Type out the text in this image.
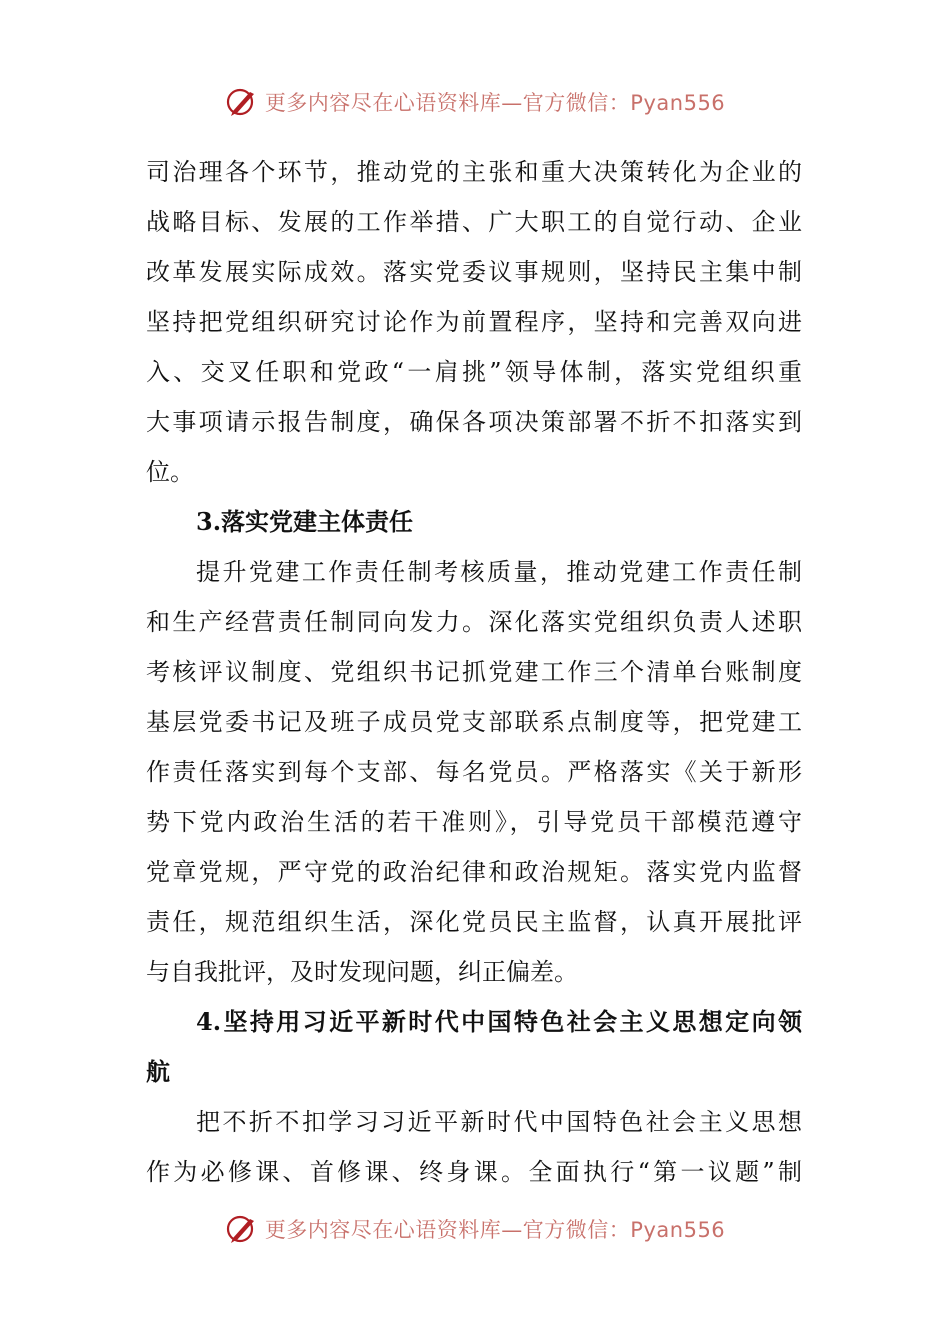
更多内容尽在心语资料库—官方微信：Pyan556
司治理各个环节，推动党的主张和重大决策转化为企业的
战略目标、发展的工作举措、广大职工的自觉行动、企业
改革发展实际成效。落实党委议事规则，坚持民主集中制
坚持把党组织研究讨论作为前置程序，坚持和完善双向进
入、交叉任职和党政“一肩挑”领导体制，落实党组织重
大事项请示报告制度，确保各项决策部署不折不扣落实到
位。
3.落实党建主体责任
提升党建工作责任制考核质量，推动党建工作责任制
和生产经营责任制同向发力。深化落实党组织负责人述职
考核评议制度、党组织书记抓党建工作三个清单台账制度
基层党委书记及班子成员党支部联系点制度等，把党建工
作责任落实到每个支部、每名党员。严格落实《关于新形
势下党内政治生活的若干准则》，引导党员干部模范遵守
党章党规，严守党的政治纪律和政治规矩。落实党内监督
责任，规范组织生活，深化党员民主监督，认真开展批评
与自我批评，及时发现问题，纠正偏差。
4.坚持用习近平新时代中国特色社会主义思想定向领
航
把不折不扣学习习近平新时代中国特色社会主义思想
作为必修课、首修课、终身课。全面执行“第一议题”制
更多内容尽在心语资料库—官方微信：Pyan556
